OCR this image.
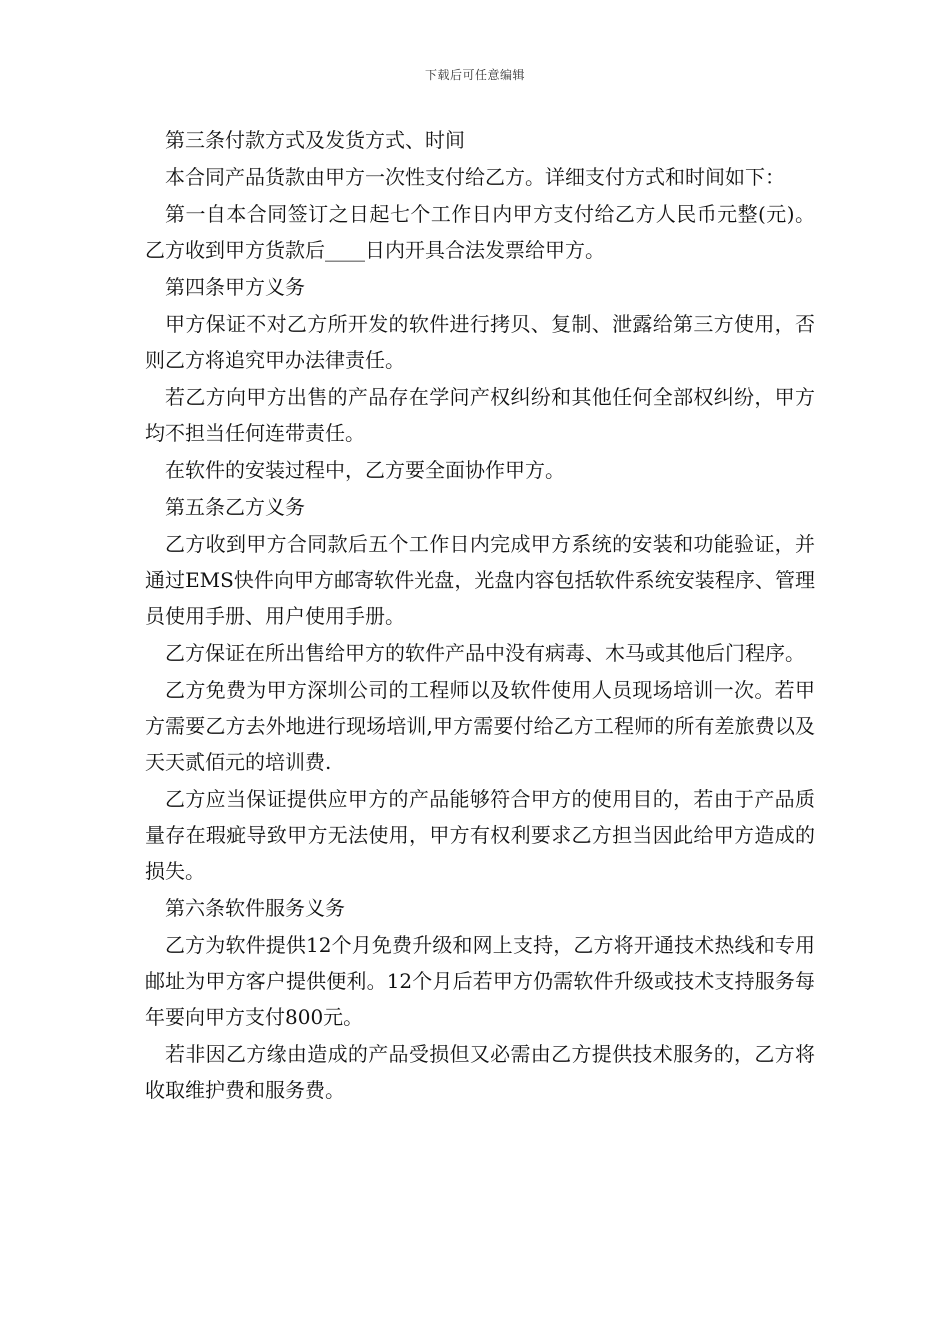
下载后可任意编辑

第三条付款方式及发货方式、时间

本合同产品货款由甲方一次性支付给乙方。详细支付方式和时间如下：

第一自本合同签订之日起七个工作日内甲方支付给乙方人民币元整(元)。乙方收到甲方货款后____日内开具合法发票给甲方。

第四条甲方义务

甲方保证不对乙方所开发的软件进行拷贝、复制、泄露给第三方使用，否则乙方将追究甲办法律责任。

若乙方向甲方出售的产品存在学问产权纠纷和其他任何全部权纠纷，甲方均不担当任何连带责任。

在软件的安装过程中，乙方要全面协作甲方。

第五条乙方义务

乙方收到甲方合同款后五个工作日内完成甲方系统的安装和功能验证，并通过EMS快件向甲方邮寄软件光盘，光盘内容包括软件系统安装程序、管理员使用手册、用户使用手册。

乙方保证在所出售给甲方的软件产品中没有病毒、木马或其他后门程序。

乙方免费为甲方深圳公司的工程师以及软件使用人员现场培训一次。若甲方需要乙方去外地进行现场培训,甲方需要付给乙方工程师的所有差旅费以及天天贰佰元的培训费.

乙方应当保证提供应甲方的产品能够符合甲方的使用目的，若由于产品质量存在瑕疵导致甲方无法使用，甲方有权利要求乙方担当因此给甲方造成的损失。

第六条软件服务义务

乙方为软件提供12个月免费升级和网上支持，乙方将开通技术热线和专用邮址为甲方客户提供便利。12个月后若甲方仍需软件升级或技术支持服务每年要向甲方支付800元。

若非因乙方缘由造成的产品受损但又必需由乙方提供技术服务的，乙方将收取维护费和服务费。
